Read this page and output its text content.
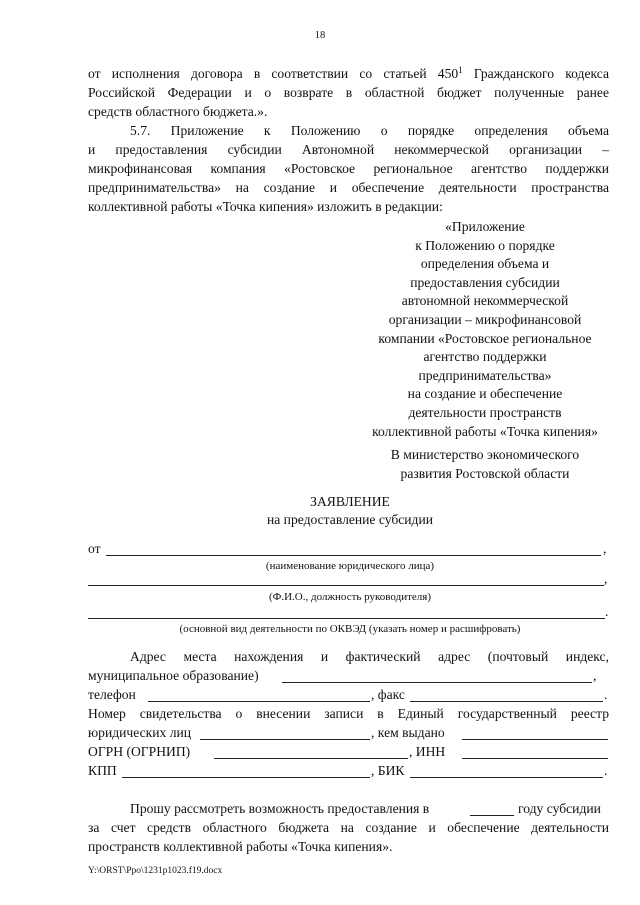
18
от исполнения договора в соответствии со статьей $450^1$ Гражданского кодекса
Российской Федерации и о возврате в областной бюджет полученные ранее
средств областного бюджета.».
5.7. Приложение к Положению о порядке определения объема
и предоставления субсидии Автономной некоммерческой организации –
микрофинансовая компания «Ростовское региональное агентство поддержки
предпринимательства» на создание и обеспечение деятельности пространства
коллективной работы «Точка кипения» изложить в редакции:
«Приложение
к Положению о порядке
определения объема и
предоставления субсидии
автономной некоммерческой
организации – микрофинансовой
компании «Ростовское региональное
агентство поддержки
предпринимательства»
на создание и обеспечение
деятельности пространств
коллективной работы «Точка кипения»
В министерство экономического
развития Ростовской области
ЗАЯВЛЕНИЕ
на предоставление субсидии
от	,
(наименование юридического лица)
,
(Ф.И.О., должность руководителя)
.
(основной вид деятельности по ОКВЭД (указать номер и расшифровать)
Адрес места нахождения и фактический адрес (почтовый индекс,
муниципальное образование)	,
телефон	, факс	.
Номер свидетельства о внесении записи в Единый государственный реестр
юридических лиц	, кем выдано
ОГРН (ОГРНИП)	, ИНН
КПП	, БИК	.
Прошу рассмотреть возможность предоставления в	году субсидии
за счет средств областного бюджета на создание и обеспечение деятельности
пространств коллективной работы «Точка кипения».
Y:\ORST\Ppo\1231p1023.f19.docx
